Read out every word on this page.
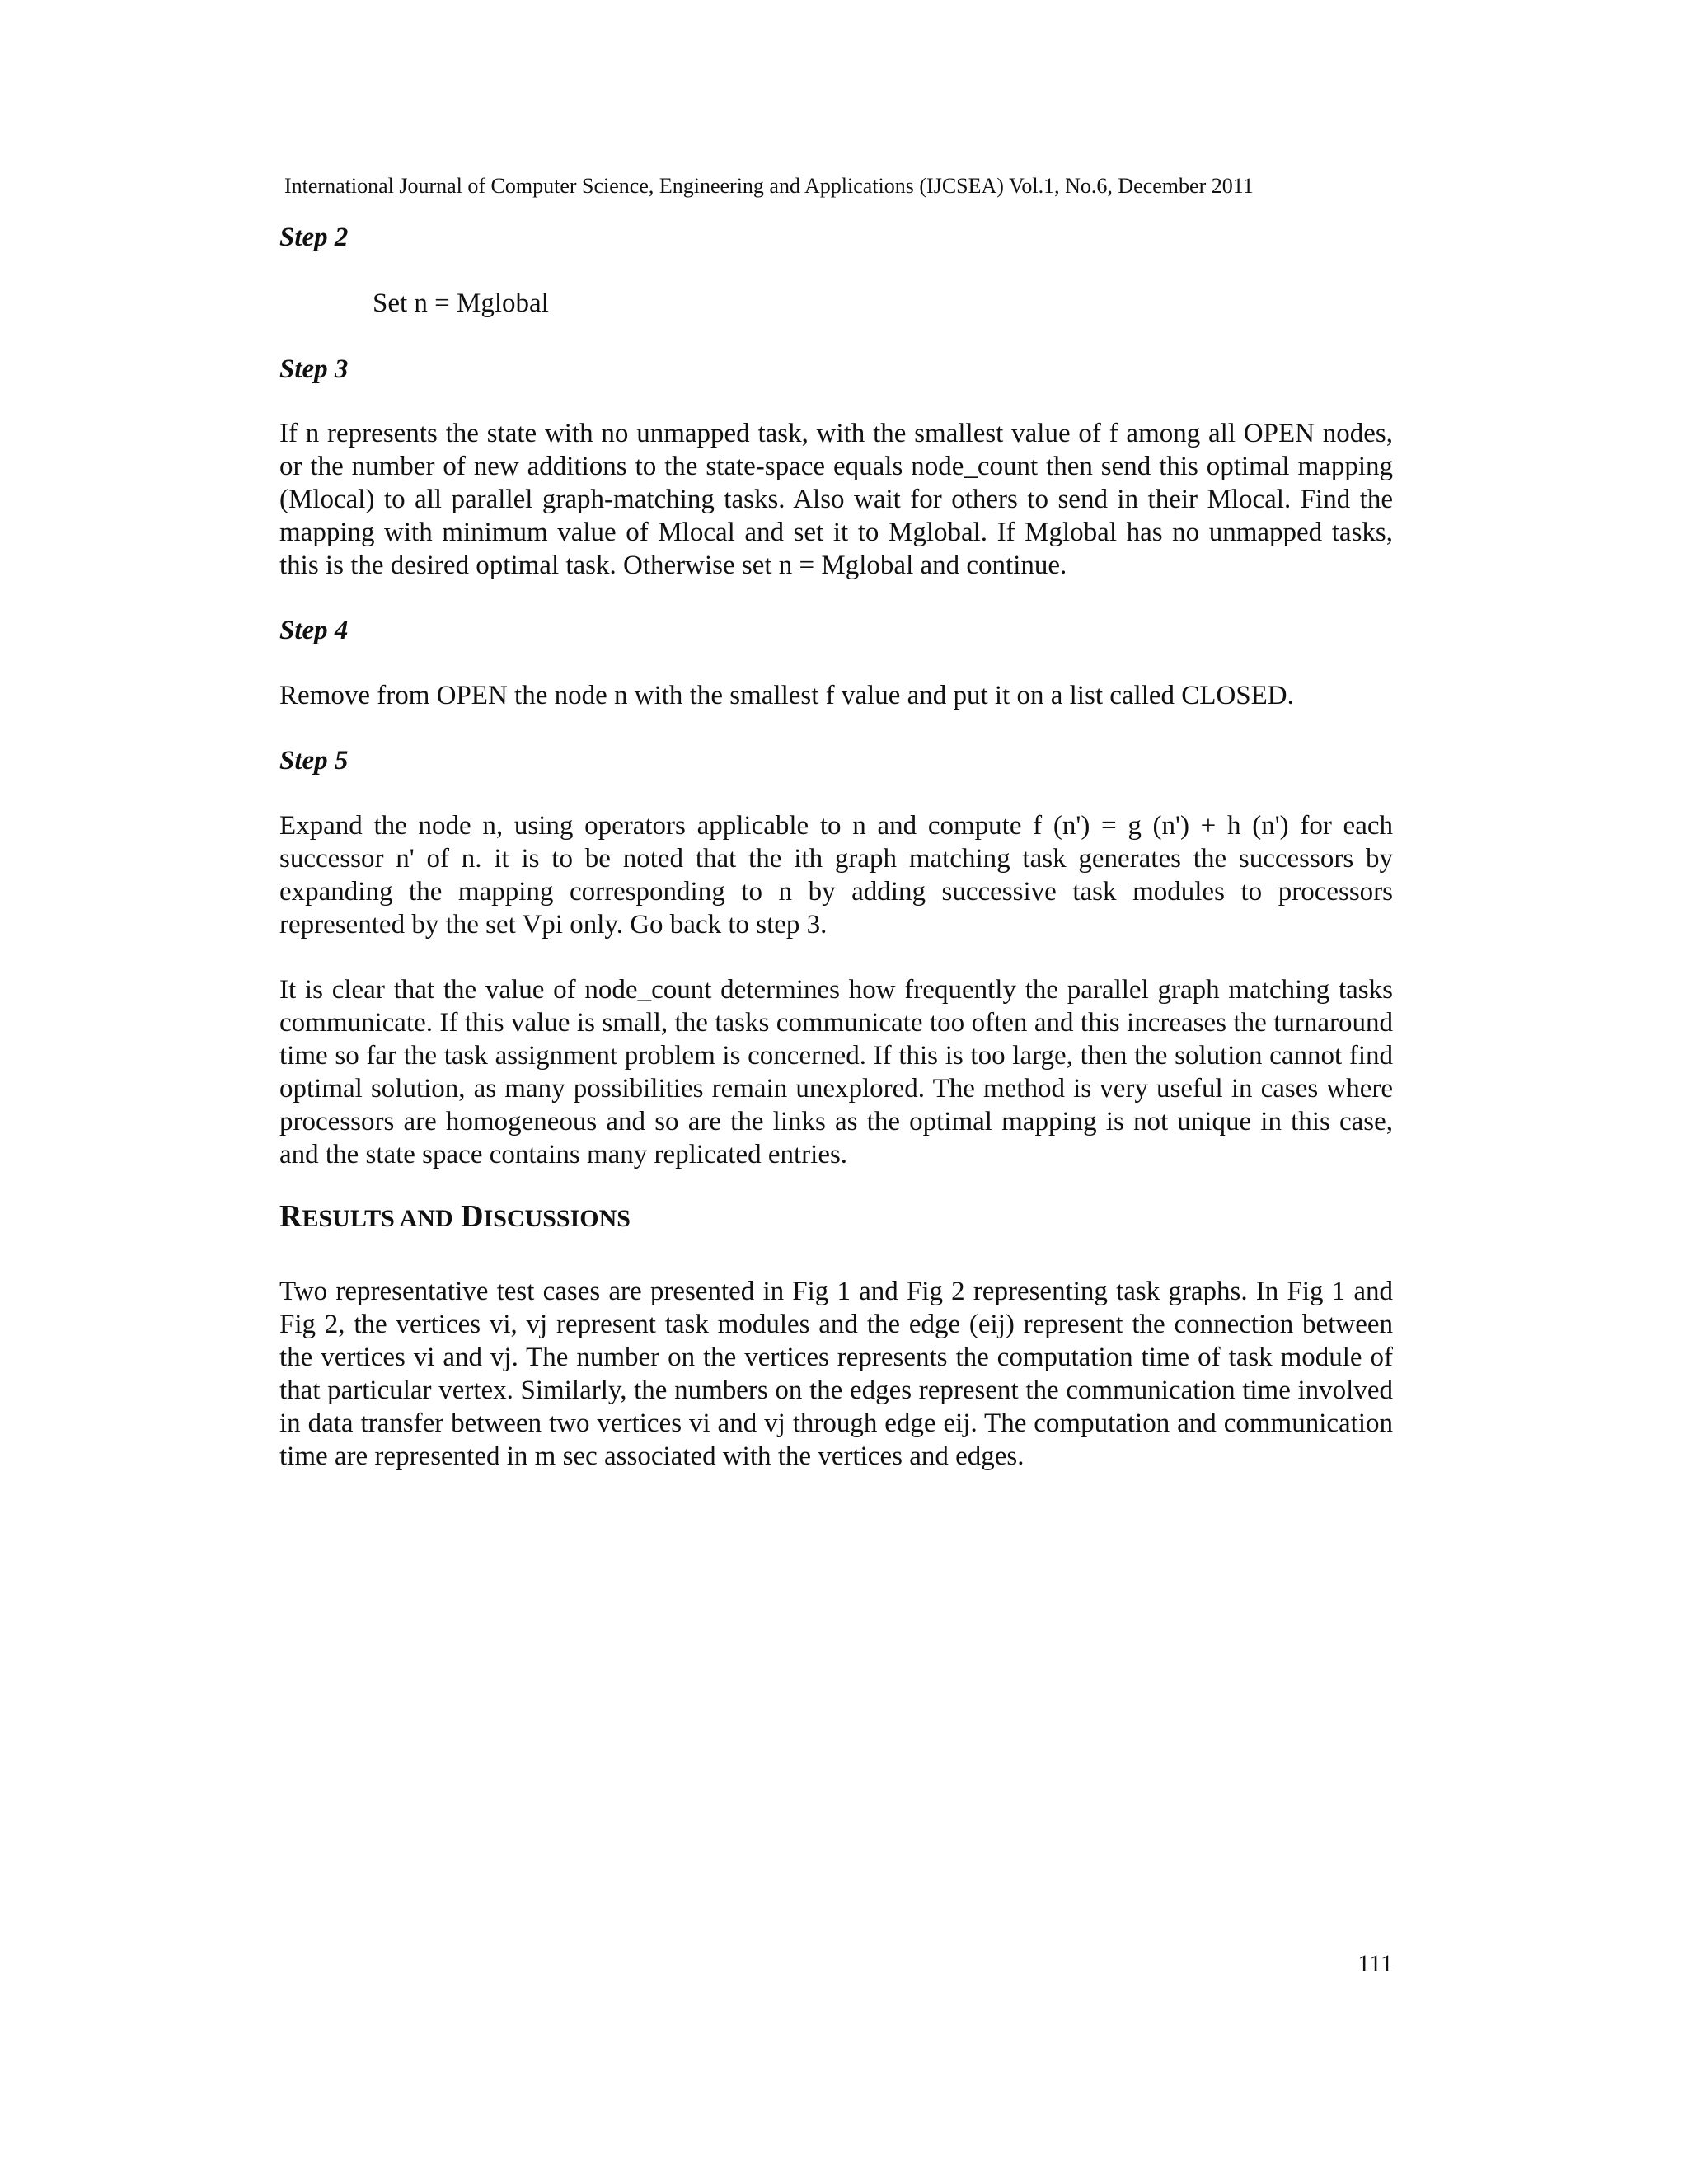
International Journal of Computer Science, Engineering and Applications (IJCSEA) Vol.1, No.6, December 2011
Step 2
Set n = Mglobal
Step 3
If n represents the state with no unmapped task, with the smallest value of f among all OPEN nodes, or the number of new additions to the state-space equals node_count then send this optimal mapping (Mlocal) to all parallel graph-matching tasks. Also wait for others to send in their Mlocal. Find the mapping with minimum value of Mlocal and set it to Mglobal. If Mglobal has no unmapped tasks, this is the desired optimal task. Otherwise set n = Mglobal and continue.
Step 4
Remove from OPEN the node n with the smallest f value and put it on a list called CLOSED.
Step 5
Expand the node n, using operators applicable to n and compute f (n') = g (n') + h (n') for each successor n' of n. it is to be noted that the ith graph matching task generates the successors by expanding the mapping corresponding to n by adding successive task modules to processors represented by the set Vpi only. Go back to step 3.
It is clear that the value of node_count determines how frequently the parallel graph matching tasks communicate. If this value is small, the tasks communicate too often and this increases the turnaround time so far the task assignment problem is concerned. If this is too large, then the solution cannot find optimal solution, as many possibilities remain unexplored. The method is very useful in cases where processors are homogeneous and so are the links as the optimal mapping is not unique in this case, and the state space contains many replicated entries.
RESULTS AND DISCUSSIONS
Two representative test cases are presented in Fig 1 and Fig 2 representing task graphs. In Fig 1 and Fig 2, the vertices vi, vj represent task modules and the edge (eij) represent the connection between the vertices vi and vj. The number on the vertices represents the computation time of task module of that particular vertex. Similarly, the numbers on the edges represent the communication time involved in data transfer between two vertices vi and vj through edge eij. The computation and communication time are represented in m sec associated with the vertices and edges.
111
